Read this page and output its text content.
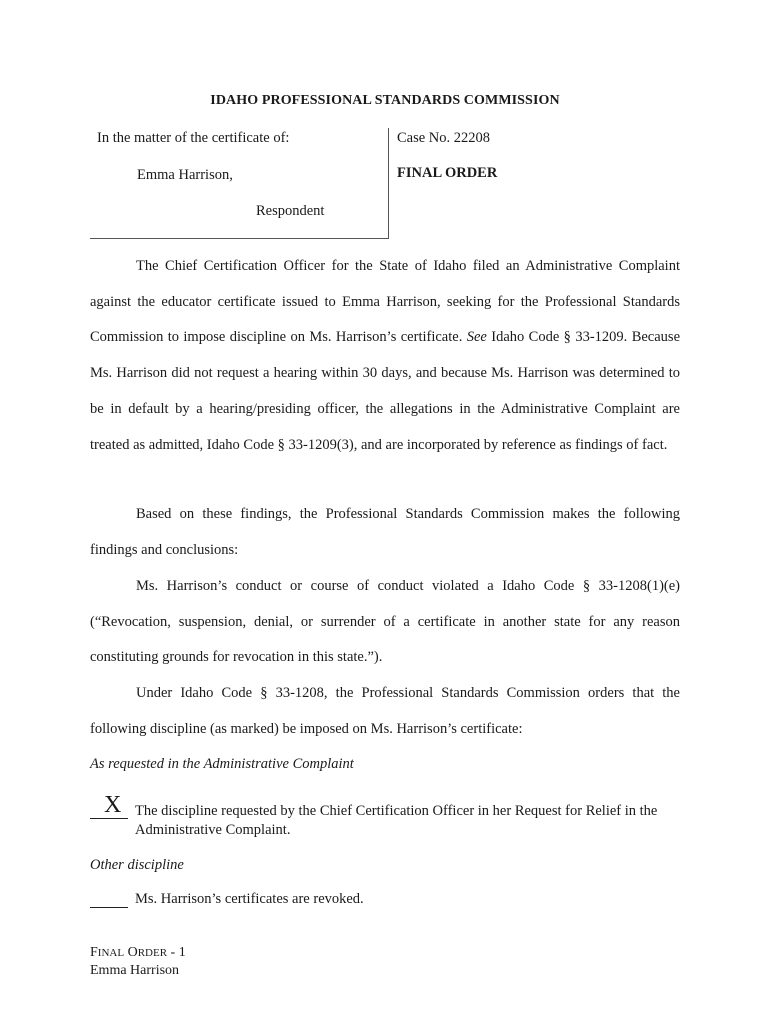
IDAHO PROFESSIONAL STANDARDS COMMISSION
In the matter of the certificate of:
Emma Harrison,
Respondent
Case No. 22208
FINAL ORDER
The Chief Certification Officer for the State of Idaho filed an Administrative Complaint against the educator certificate issued to Emma Harrison, seeking for the Professional Standards Commission to impose discipline on Ms. Harrison’s certificate. See Idaho Code § 33-1209. Because Ms. Harrison did not request a hearing within 30 days, and because Ms. Harrison was determined to be in default by a hearing/presiding officer, the allegations in the Administrative Complaint are treated as admitted, Idaho Code § 33-1209(3), and are incorporated by reference as findings of fact.
Based on these findings, the Professional Standards Commission makes the following findings and conclusions:
Ms. Harrison’s conduct or course of conduct violated a Idaho Code § 33-1208(1)(e)(“Revocation, suspension, denial, or surrender of a certificate in another state for any reason constituting grounds for revocation in this state.”).
Under Idaho Code § 33-1208, the Professional Standards Commission orders that the following discipline (as marked) be imposed on Ms. Harrison’s certificate:
As requested in the Administrative Complaint
X The discipline requested by the Chief Certification Officer in her Request for Relief in the Administrative Complaint.
Other discipline
Ms. Harrison’s certificates are revoked.
FINAL ORDER - 1
Emma Harrison
